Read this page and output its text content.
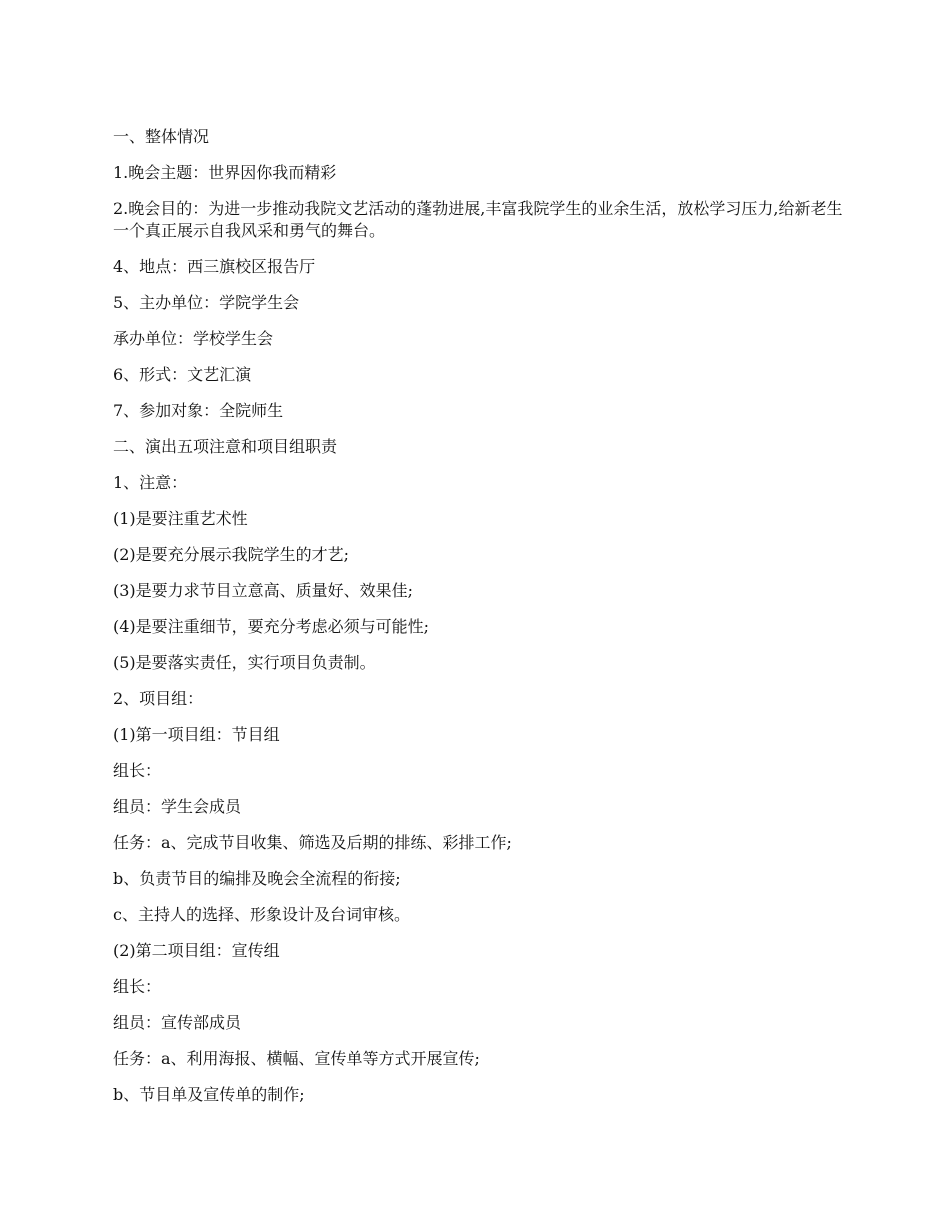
一、整体情况

1.晚会主题：世界因你我而精彩

2.晚会目的：为进一步推动我院文艺活动的蓬勃进展,丰富我院学生的业余生活，放松学习压力,给新老生一个真正展示自我风采和勇气的舞台。

4、地点：西三旗校区报告厅

5、主办单位：学院学生会

承办单位：学校学生会

6、形式：文艺汇演

7、参加对象：全院师生

二、演出五项注意和项目组职责

1、注意：

(1)是要注重艺术性

(2)是要充分展示我院学生的才艺;

(3)是要力求节目立意高、质量好、效果佳;

(4)是要注重细节，要充分考虑必须与可能性;

(5)是要落实责任，实行项目负责制。

2、项目组：

(1)第一项目组：节目组

组长：

组员：学生会成员

任务：a、完成节目收集、筛选及后期的排练、彩排工作;

b、负责节目的编排及晚会全流程的衔接;

c、主持人的选择、形象设计及台词审核。

(2)第二项目组：宣传组

组长：

组员：宣传部成员

任务：a、利用海报、横幅、宣传单等方式开展宣传;

b、节目单及宣传单的制作;
